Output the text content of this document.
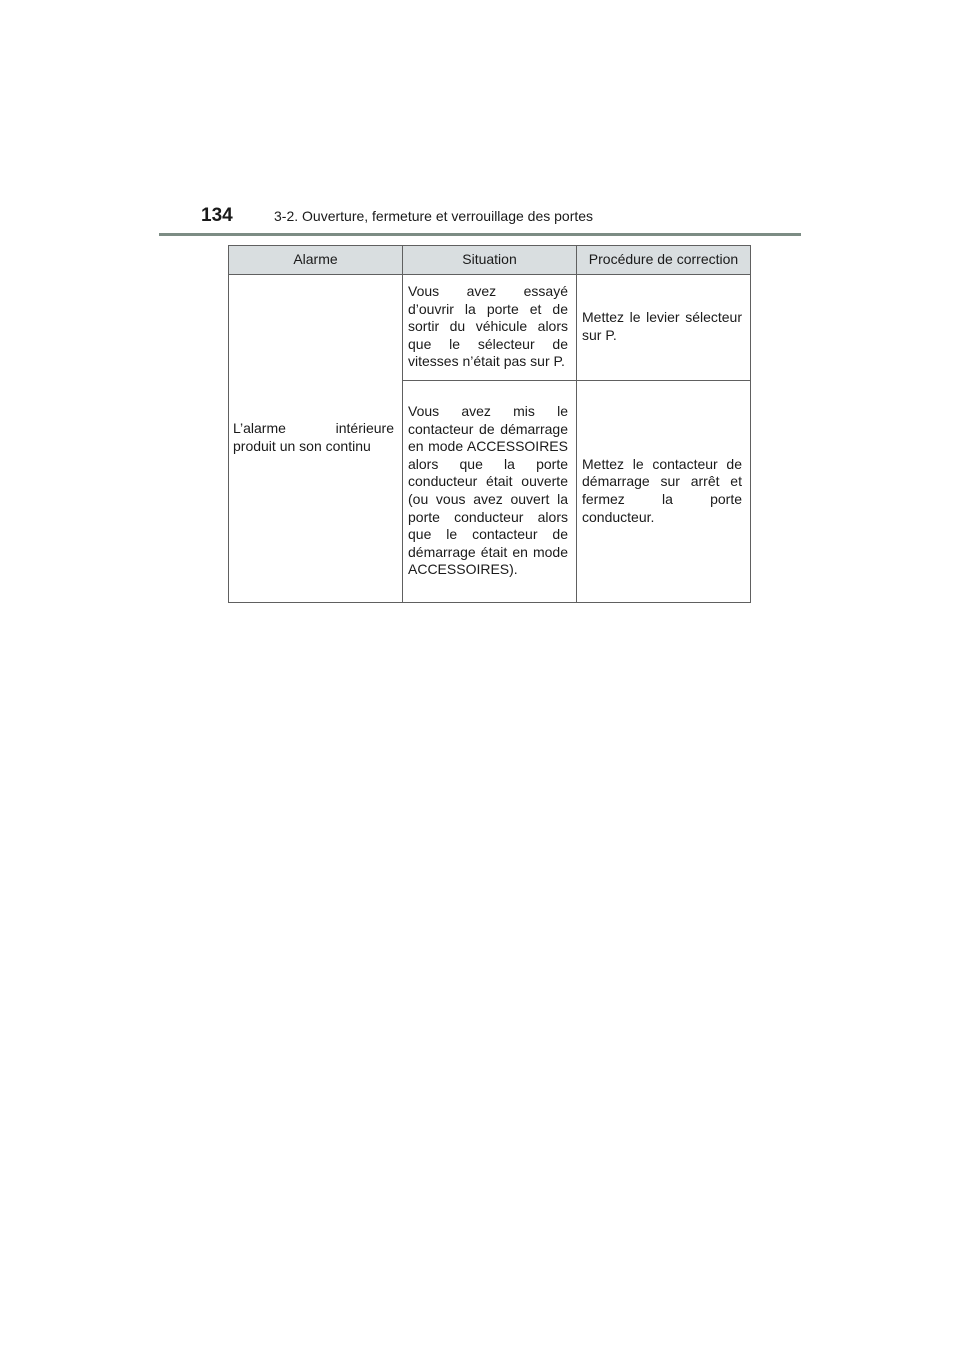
134	3-2. Ouverture, fermeture et verrouillage des portes
Alarme	Situation	Procédure de correction
L’alarme intérieure produit un son continu	Vous avez essayé d’ouvrir la porte et de sortir du véhicule alors que le sélecteur de vitesses n’était pas sur P.	Mettez le levier sélecteur sur P.
	Vous avez mis le contacteur de démarrage en mode ACCESSOIRES alors que la porte conducteur était ouverte (ou vous avez ouvert la porte conducteur alors que le contacteur de démarrage était en mode ACCESSOIRES).	Mettez le contacteur de démarrage sur arrêt et fermez la porte conducteur.
